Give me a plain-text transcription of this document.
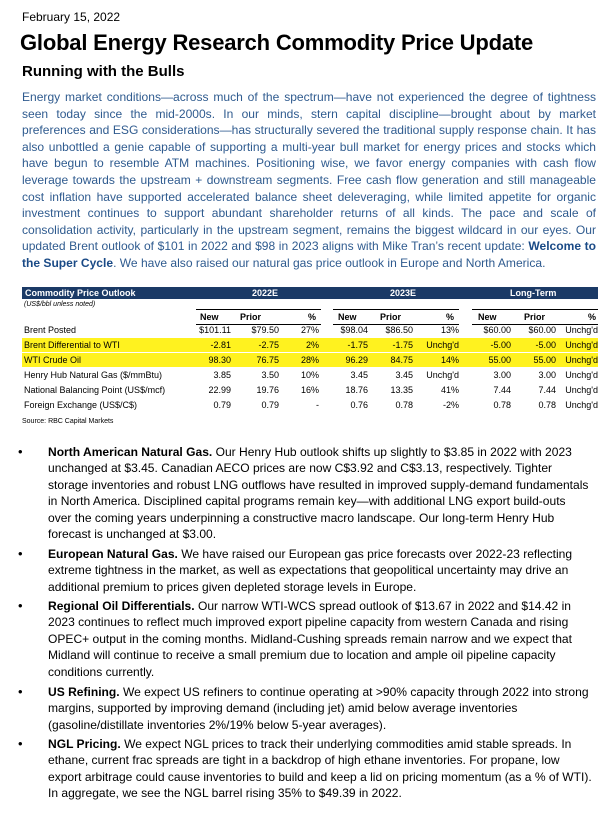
February 15, 2022
Global Energy Research Commodity Price Update
Running with the Bulls
Energy market conditions—across much of the spectrum—have not experienced the degree of tightness seen today since the mid-2000s. In our minds, stern capital discipline—brought about by market preferences and ESG considerations—has structurally severed the traditional supply response chain. It has also unbottled a genie capable of supporting a multi-year bull market for energy prices and stocks which have begun to resemble ATM machines. Positioning wise, we favor energy companies with cash flow leverage towards the upstream + downstream segments. Free cash flow generation and still manageable cost inflation have supported accelerated balance sheet deleveraging, while limited appetite for organic investment continues to support abundant shareholder returns of all kinds. The pace and scale of consolidation activity, particularly in the upstream segment, remains the biggest wildcard in our eyes. Our updated Brent outlook of $101 in 2022 and $98 in 2023 aligns with Mike Tran’s recent update: Welcome to the Super Cycle. We have also raised our natural gas price outlook in Europe and North America.
Commodity Price Outlook	2022E	2023E	Long-Term
(US$/bbl unless noted)
New Prior	% New	Prior	%	New	Prior	%
Brent Posted	$101.11 $79.50 27% $98.04 $86.50	13%	$60.00 $60.00 Unchg'd
Brent Differential to WTI	-2.81	-2.75	2%	-1.75	-1.75 Unchg'd	-5.00	-5.00 Unchg'd
WTI Crude Oil	98.30	76.75 28%	96.29 84.75	14%	55.00 55.00 Unchg'd
Henry Hub Natural Gas ($/mmBtu)	3.85	3.50 10%	3.45	3.45 Unchg'd	3.00	3.00 Unchg'd
National Balancing Point (US$/mcf)	22.99	19.76 16%	18.76 13.35	41%	7.44	7.44 Unchg'd
Foreign Exchange (US$/C$)	0.79	0.79	-	0.76	0.78	-2%	0.78	0.78 Unchg'd
Source: RBC Capital Markets
• North American Natural Gas. Our Henry Hub outlook shifts up slightly to $3.85 in 2022 with 2023 unchanged at $3.45. Canadian AECO prices are now C$3.92 and C$3.13, respectively. Tighter storage inventories and robust LNG outflows have resulted in improved supply-demand fundamentals in North America. Disciplined capital programs remain key—with additional LNG export build-outs over the coming years underpinning a constructive macro landscape. Our long-term Henry Hub forecast is unchanged at $3.00.
• European Natural Gas. We have raised our European gas price forecasts over 2022-23 reflecting extreme tightness in the market, as well as expectations that geopolitical uncertainty may drive an additional premium to prices given depleted storage levels in Europe.
• Regional Oil Differentials. Our narrow WTI-WCS spread outlook of $13.67 in 2022 and $14.42 in 2023 continues to reflect much improved export pipeline capacity from western Canada and rising OPEC+ output in the coming months. Midland-Cushing spreads remain narrow and we expect that Midland will continue to receive a small premium due to location and ample oil pipeline capacity conditions currently.
• US Refining. We expect US refiners to continue operating at >90% capacity through 2022 into strong margins, supported by improving demand (including jet) amid below average inventories (gasoline/distillate inventories 2%/19% below 5-year averages).
• NGL Pricing. We expect NGL prices to track their underlying commodities amid stable spreads. In ethane, current frac spreads are tight in a backdrop of high ethane inventories. For propane, low export arbitrage could cause inventories to build and keep a lid on pricing momentum (as a % of WTI). In aggregate, we see the NGL barrel rising 35% to $49.39 in 2022.
